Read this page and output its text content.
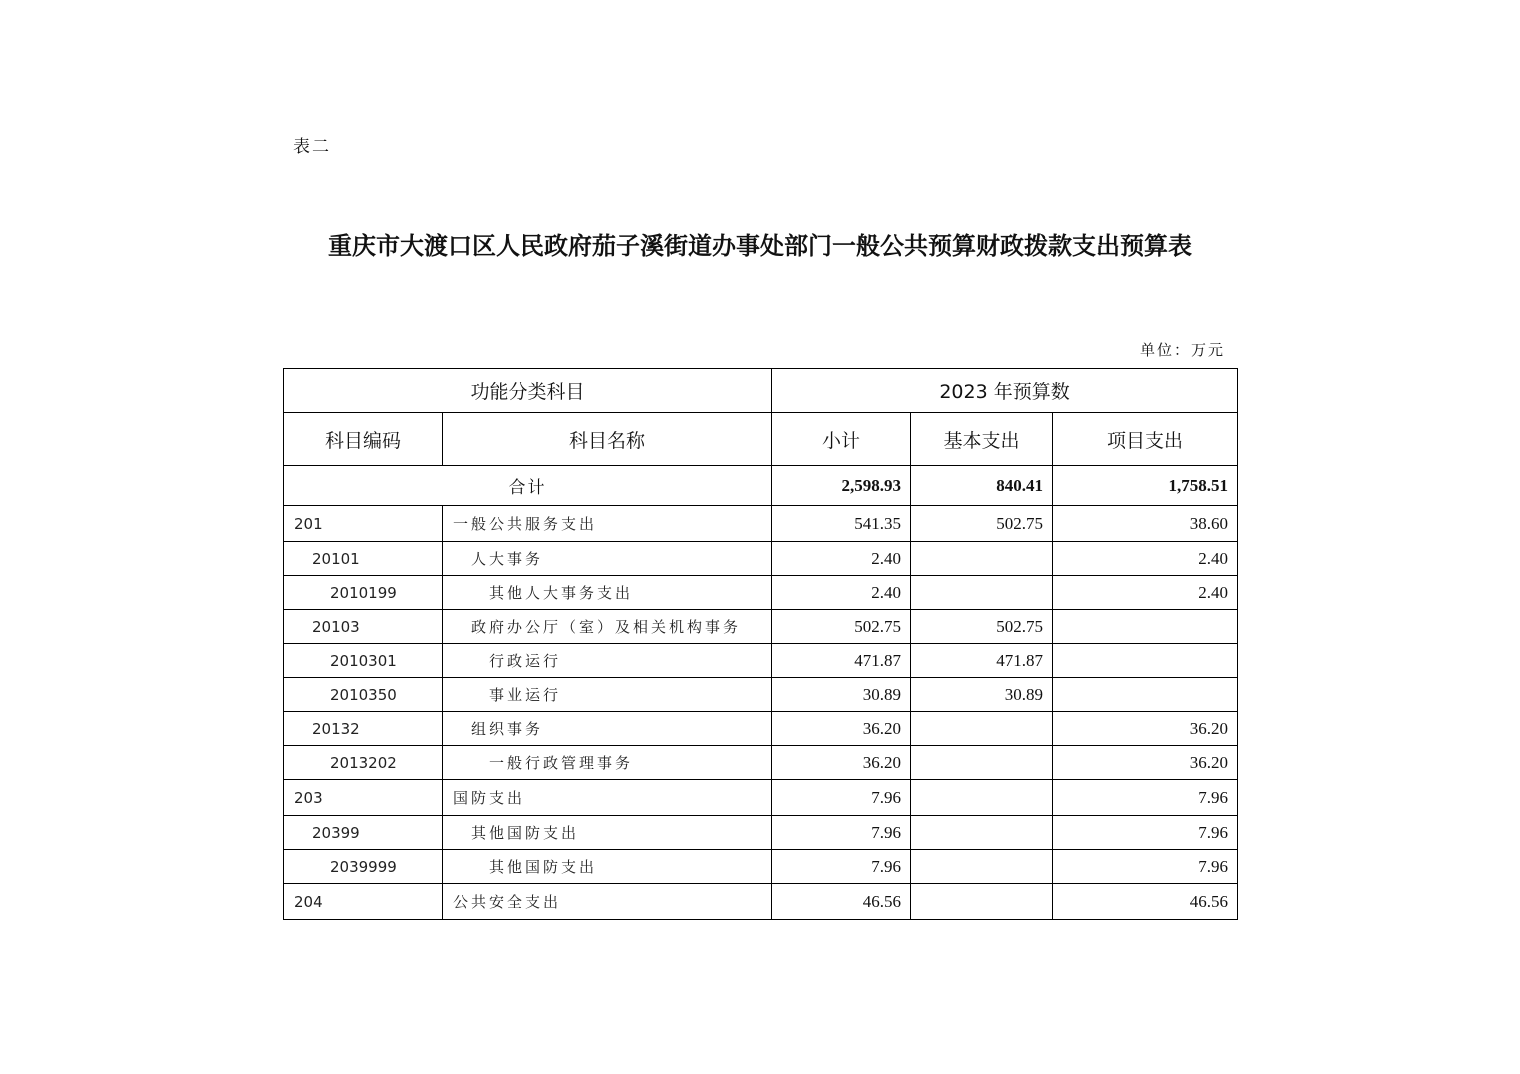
表二
重庆市大渡口区人民政府茄子溪街道办事处部门一般公共预算财政拨款支出预算表
单位：万元
功能分类科目		2023 年预算数		
科目编码	科目名称	小计	基本支出	项目支出
合计		2,598.93	840.41	1,758.51
201	一般公共服务支出	541.35	502.75	38.60
20101	人大事务	2.40		2.40
2010199	其他人大事务支出	2.40		2.40
20103	政府办公厅（室）及相关机构事务	502.75	502.75	
2010301	行政运行	471.87	471.87	
2010350	事业运行	30.89	30.89	
20132	组织事务	36.20		36.20
2013202	一般行政管理事务	36.20		36.20
203	国防支出	7.96		7.96
20399	其他国防支出	7.96		7.96
2039999	其他国防支出	7.96		7.96
204	公共安全支出	46.56		46.56
